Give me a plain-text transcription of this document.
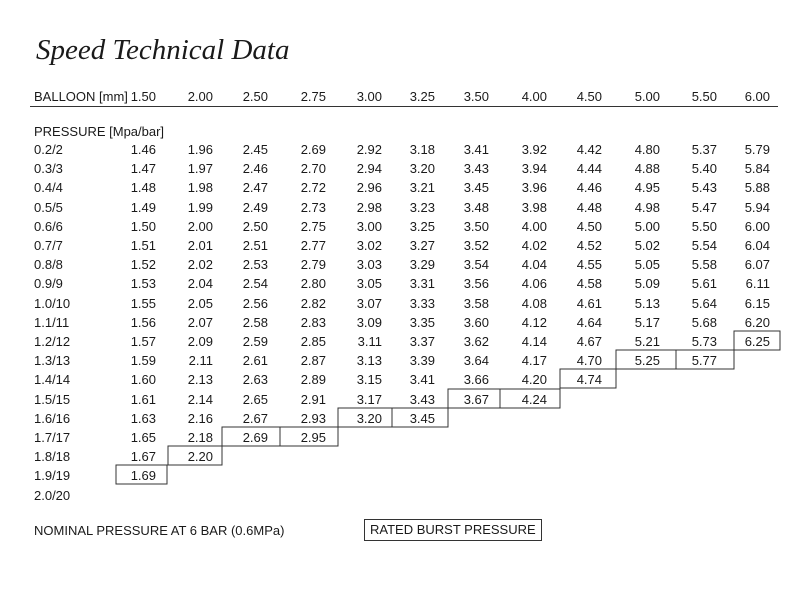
Speed Technical Data
BALLOON [mm] 1.50	2.00	2.50	2.75	3.00	3.25	3.50	4.00	4.50	5.00	5.50	6.00
PRESSURE [Mpa/bar]
0.2/2	1.46	1.96	2.45	2.69	2.92	3.18	3.41	3.92	4.42	4.80	5.37	5.79
0.3/3	1.47	1.97	2.46	2.70	2.94	3.20	3.43	3.94	4.44	4.88	5.40	5.84
0.4/4	1.48	1.98	2.47	2.72	2.96	3.21	3.45	3.96	4.46	4.95	5.43	5.88
0.5/5	1.49	1.99	2.49	2.73	2.98	3.23	3.48	3.98	4.48	4.98	5.47	5.94
0.6/6	1.50	2.00	2.50	2.75	3.00	3.25	3.50	4.00	4.50	5.00	5.50	6.00
0.7/7	1.51	2.01	2.51	2.77	3.02	3.27	3.52	4.02	4.52	5.02	5.54	6.04
0.8/8	1.52	2.02	2.53	2.79	3.03	3.29	3.54	4.04	4.55	5.05	5.58	6.07
0.9/9	1.53	2.04	2.54	2.80	3.05	3.31	3.56	4.06	4.58	5.09	5.61	6.11
1.0/10	1.55	2.05	2.56	2.82	3.07	3.33	3.58	4.08	4.61	5.13	5.64	6.15
1.1/11	1.56	2.07	2.58	2.83	3.09	3.35	3.60	4.12	4.64	5.17	5.68	6.20
1.2/12	1.57	2.09	2.59	2.85	3.11	3.37	3.62	4.14	4.67	5.21	5.73	6.25
1.3/13	1.59	2.11	2.61	2.87	3.13	3.39	3.64	4.17	4.70	5.25	5.77
1.4/14	1.60	2.13	2.63	2.89	3.15	3.41	3.66	4.20	4.74
1.5/15	1.61	2.14	2.65	2.91	3.17	3.43	3.67	4.24
1.6/16	1.63	2.16	2.67	2.93	3.20	3.45
1.7/17	1.65	2.18	2.69	2.95
1.8/18	1.67	2.20
1.9/19	1.69
2.0/20
NOMINAL PRESSURE AT 6 BAR (0.6MPa)	RATED BURST PRESSURE
